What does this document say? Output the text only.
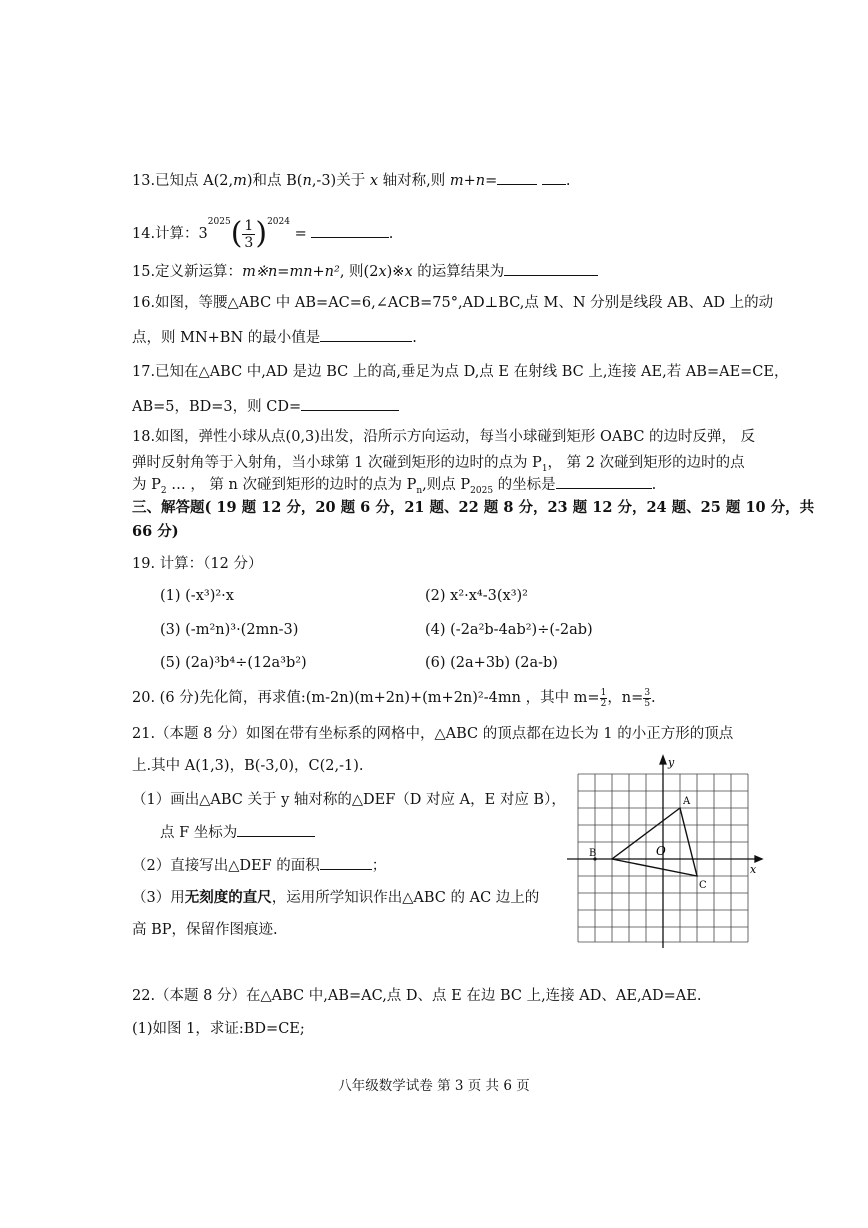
13.已知点 A(2,m)和点 B(n,-3)关于 x 轴对称,则 m+n=	.
14.计算：$3^{2025}( \frac{1}{3} )^{2024}$ =	.
15.定义新运算：m※n=mn+n², 则(2x)※x 的运算结果为
16.如图，等腰△ABC 中 AB=AC=6,∠ACB=75°,AD⊥BC,点 M、N 分别是线段 AB、AD 上的动
点，则 MN+BN 的最小值是	.
17.已知在△ABC 中,AD 是边 BC 上的高,垂足为点 D,点 E 在射线 BC 上,连接 AE,若 AB=AE=CE，
AB=5，BD=3，则 CD=
18.如图，弹性小球从点(0,3)出发，沿所示方向运动，每当小球碰到矩形 OABC 的边时反弹， 反
弹时反射角等于入射角，当小球第 1 次碰到矩形的边时的点为 $P_1$， 第 2 次碰到矩形的边时的点
为 $P_2$ … ， 第 n 次碰到矩形的边时的点为 $P_n$,则点 $P_{2025}$ 的坐标是	.
三、解答题( 19 题 12 分，20 题 6 分，21 题、22 题 8 分，23 题 12 分，24 题、25 题 10 分，共
66 分)
19. 计算：（12 分）
(1) (-x³)²·x	(2) x²·x⁴-3(x³)²
(3) (-m²n)³·(2mn-3)	(4) (-2a²b-4ab²)÷(-2ab)
(5) (2a)³b⁴÷(12a³b²)	(6) (2a+3b) (2a-b)
20. (6 分)先化简，再求值:(m-2n)(m+2n)+(m+2n)²-4mn ，其中 $m= \frac{1}{2}$ ，$n= \frac{3}{5}$ .
21.（本题 8 分）如图在带有坐标系的网格中，△ABC 的顶点都在边长为 1 的小正方形的顶点
上.其中 A(1,3)，B(-3,0)，C(2,-1).
（1）画出△ABC 关于 y 轴对称的△DEF（D 对应 A，E 对应 B），
点 F 坐标为
（2）直接写出△DEF 的面积	；
（3）用无刻度的直尺，运用所学知识作出△ABC 的 AC 边上的
高 BP，保留作图痕迹.
A
B
C
O
x
y
22.（本题 8 分）在△ABC 中,AB=AC,点 D、点 E 在边 BC 上,连接 AD、AE,AD=AE.
(1)如图 1，求证:BD=CE;
八年级数学试卷 第 3 页 共 6 页
